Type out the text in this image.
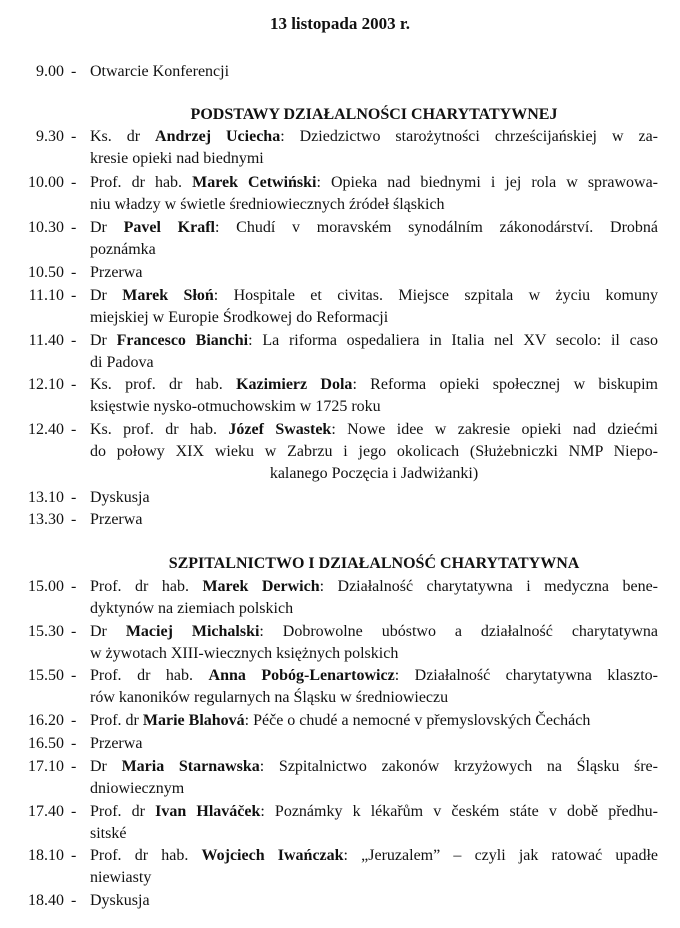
13 listopada 2003 r.
9.00 - Otwarcie Konferencji
PODSTAWY DZIAŁALNOŚCI CHARYTATYWNEJ
9.30 - Ks. dr Andrzej Uciecha: Dziedzictwo starożytności chrześcijańskiej w za-
kresie opieki nad biednymi
10.00 - Prof. dr hab. Marek Cetwiński: Opieka nad biednymi i jej rola w sprawowa-
niu władzy w świetle średniowiecznych źródeł śląskich
10.30 - Dr Pavel Krafl: Chudí v moravském synodálním zákonodárství. Drobná
poznámka
10.50 - Przerwa
11.10 - Dr Marek Słoń: Hospitale et civitas. Miejsce szpitala w życiu komuny
miejskiej w Europie Środkowej do Reformacji
11.40 - Dr Francesco Bianchi: La riforma ospedaliera in Italia nel XV secolo: il caso
di Padova
12.10 - Ks. prof. dr hab. Kazimierz Dola: Reforma opieki społecznej w biskupim
księstwie nysko-otmuchowskim w 1725 roku
12.40 - Ks. prof. dr hab. Józef Swastek: Nowe idee w zakresie opieki nad dziećmi
do połowy XIX wieku w Zabrzu i jego okolicach (Służebniczki NMP Niepo-
kalanego Poczęcia i Jadwiżanki)
13.10 - Dyskusja
13.30 - Przerwa
SZPITALNICTWO I DZIAŁALNOŚĆ CHARYTATYWNA
15.00 - Prof. dr hab. Marek Derwich: Działalność charytatywna i medyczna bene-
dyktynów na ziemiach polskich
15.30 - Dr Maciej Michalski: Dobrowolne ubóstwo a działalność charytatywna
w żywotach XIII-wiecznych księżnych polskich
15.50 - Prof. dr hab. Anna Pobóg-Lenartowicz: Działalność charytatywna klaszto-
rów kanoników regularnych na Śląsku w średniowieczu
16.20 - Prof. dr Marie Blahová: Péče o chudé a nemocné v přemyslovských Čechách
16.50 - Przerwa
17.10 - Dr Maria Starnawska: Szpitalnictwo zakonów krzyżowych na Śląsku śre-
dniowiecznym
17.40 - Prof. dr Ivan Hlaváček: Poznámky k lékařům v českém státe v době předhu-
sitské
18.10 - Prof. dr hab. Wojciech Iwańczak: „Jeruzalem” – czyli jak ratować upadłe
niewiasty
18.40 - Dyskusja
